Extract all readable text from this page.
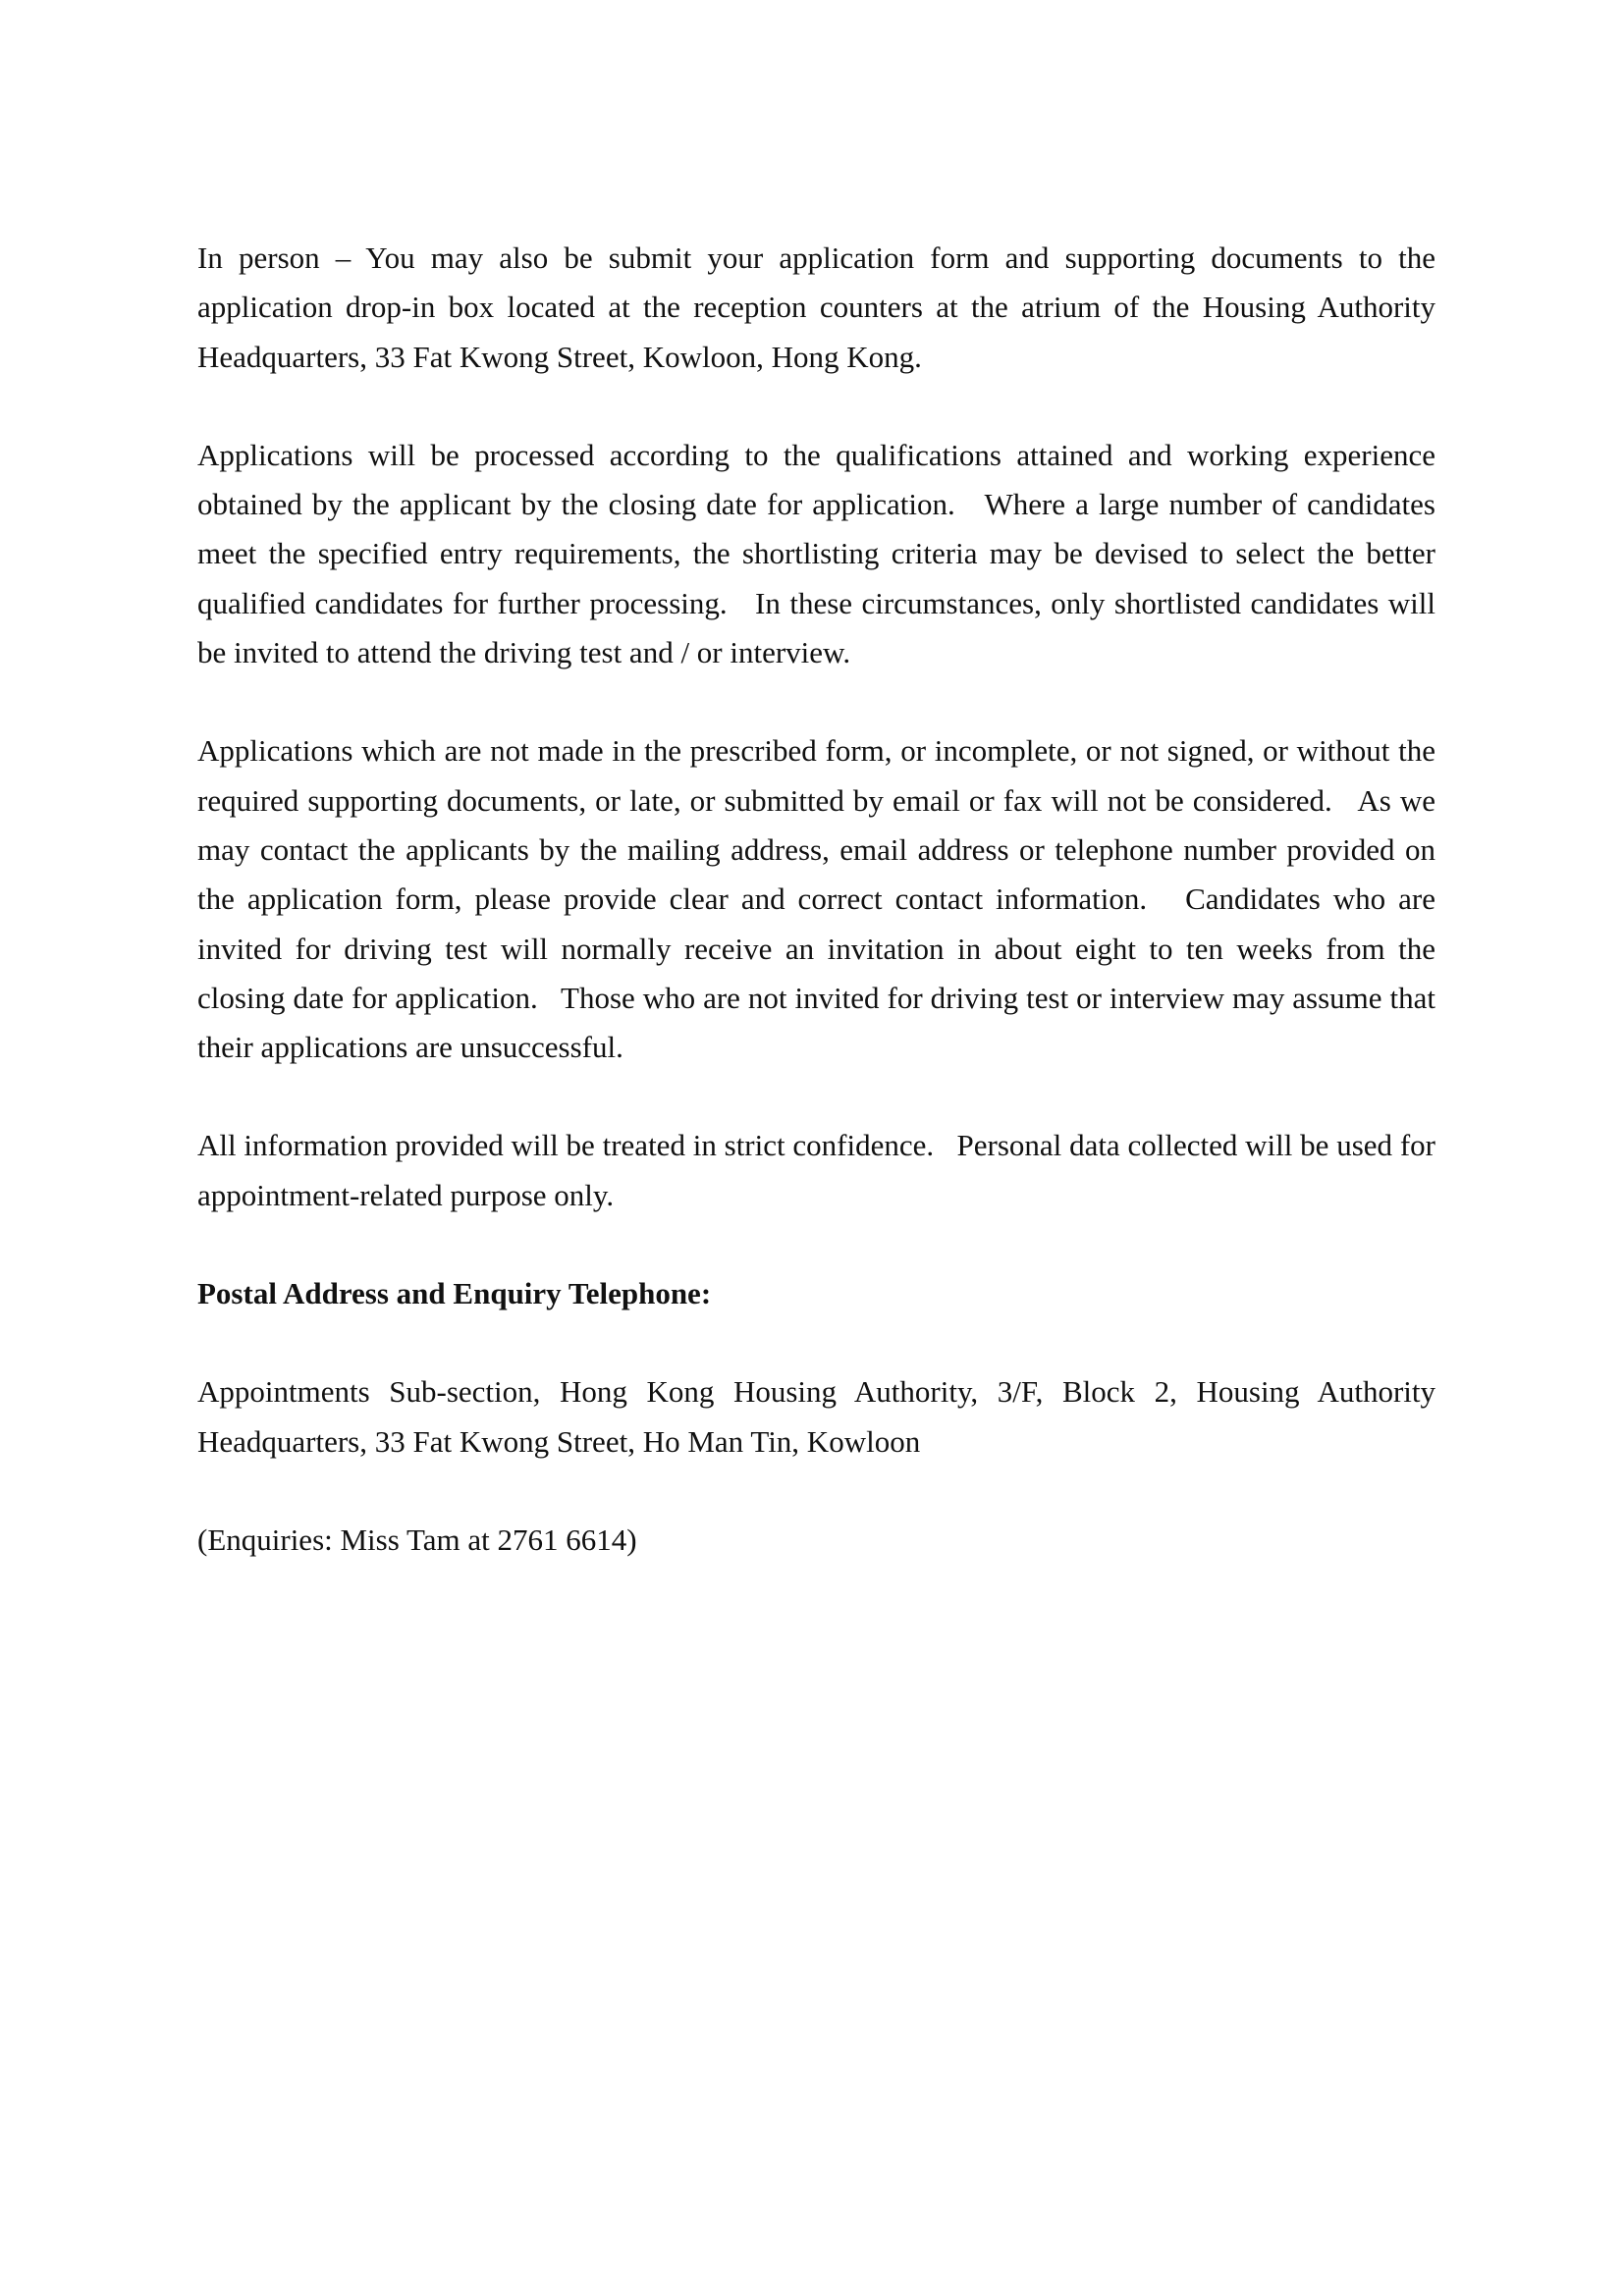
In person – You may also be submit your application form and supporting documents to the application drop-in box located at the reception counters at the atrium of the Housing Authority Headquarters, 33 Fat Kwong Street, Kowloon, Hong Kong.

Applications will be processed according to the qualifications attained and working experience obtained by the applicant by the closing date for application.   Where a large number of candidates meet the specified entry requirements, the shortlisting criteria may be devised to select the better qualified candidates for further processing.   In these circumstances, only shortlisted candidates will be invited to attend the driving test and / or interview.

Applications which are not made in the prescribed form, or incomplete, or not signed, or without the required supporting documents, or late, or submitted by email or fax will not be considered.   As we may contact the applicants by the mailing address, email address or telephone number provided on the application form, please provide clear and correct contact information.   Candidates who are invited for driving test will normally receive an invitation in about eight to ten weeks from the closing date for application.   Those who are not invited for driving test or interview may assume that their applications are unsuccessful.

All information provided will be treated in strict confidence.   Personal data collected will be used for appointment-related purpose only.

Postal Address and Enquiry Telephone:

Appointments Sub-section, Hong Kong Housing Authority, 3/F, Block 2, Housing Authority Headquarters, 33 Fat Kwong Street, Ho Man Tin, Kowloon

(Enquiries: Miss Tam at 2761 6614)
